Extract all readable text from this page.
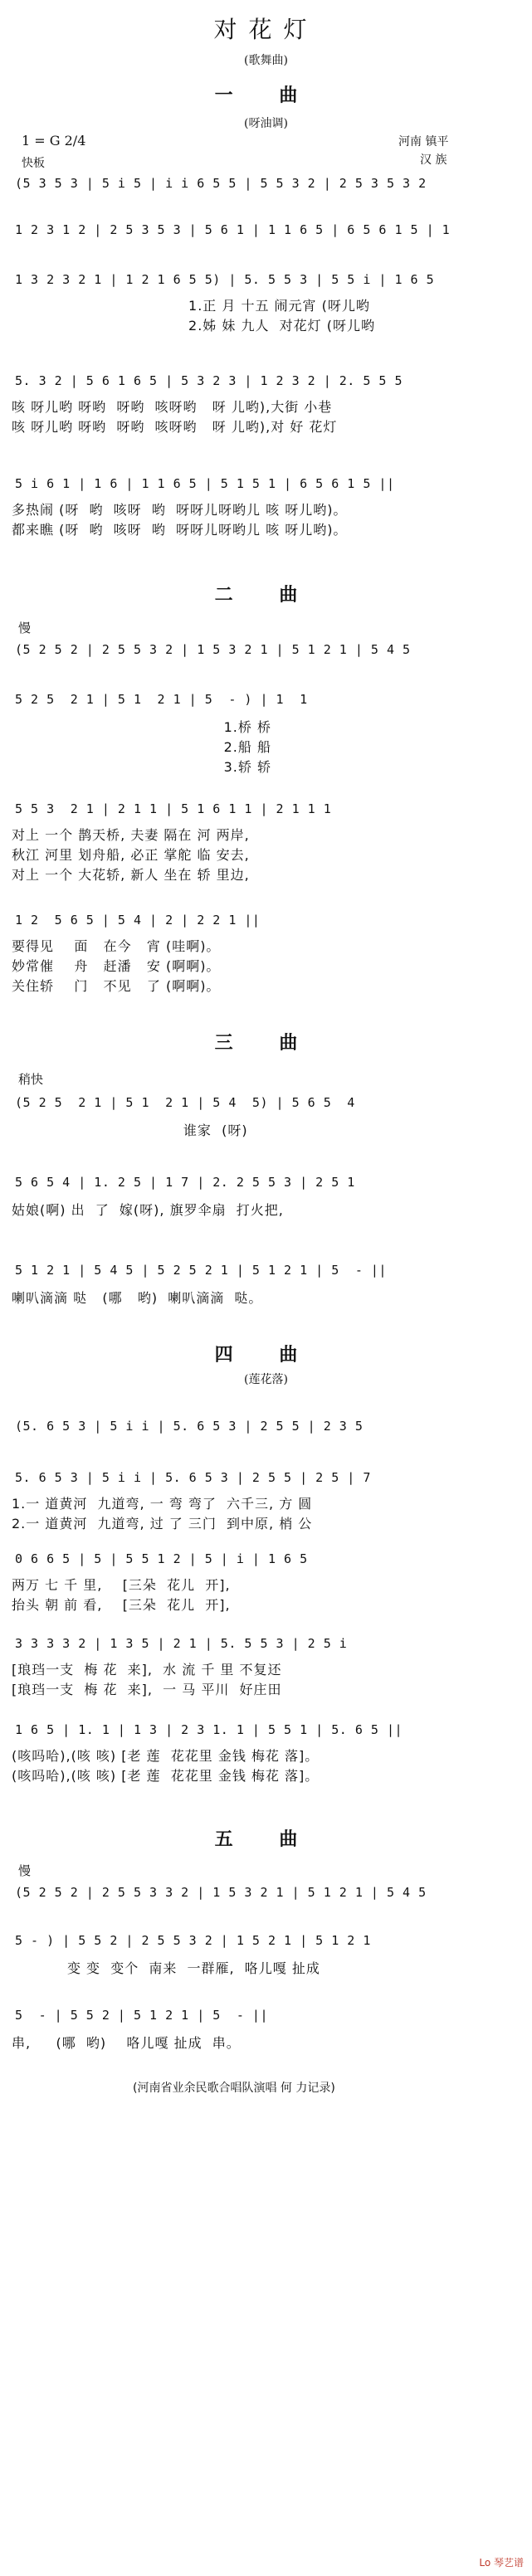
对花灯
(歌舞曲)
一 曲
(呀油调)
1 = G 2/4
快板
河南 镇平
汉 族
(5 3 5 3 | 5 i 5 | i i 6 5 5 | 5 5 3 2 | 2 5 3 5 3 2
1 2 3 1 2 | 2 5 3 5 3 | 5 6 1 | 1 1 6 5 | 6 5 6 1 5 | 1
1 3 2 3 2 1 | 1 2 1 6 5 5) | 5. 5 5 3 | 5 5 i | 1 6 5
1.正 月 十五 闹元宵 (呀儿哟
2.姊 妹 九人  对花灯 (呀儿哟
5. 3 2 | 5 6 1 6 5 | 5 3 2 3 | 1 2 3 2 | 2. 5 5 5
咳 呀儿哟 呀哟  呀哟  咳呀哟   呀 儿哟),大街 小巷
咳 呀儿哟 呀哟  呀哟  咳呀哟   呀 儿哟),对 好 花灯
5 i 6 1 | 1 6 | 1 1 6 5 | 5 1 5 1 | 6 5 6 1 5 ||
多热闹 (呀  哟  咳呀  哟  呀呀儿呀哟儿 咳 呀儿哟)。
都来瞧 (呀  哟  咳呀  哟  呀呀儿呀哟儿 咳 呀儿哟)。
二 曲
慢
(5 2 5 2 | 2 5 5 3 2 | 1 5 3 2 1 | 5 1 2 1 | 5 4 5
5 2 5  2 1 | 5 1  2 1 | 5  - ) | 1  1
1.桥 桥
2.船 船
3.轿 轿
5 5 3  2 1 | 2 1 1 | 5 1 6 1 1 | 2 1 1 1
对上 一个 鹊天桥, 夫妻 隔在 河 两岸,
秋江 河里 划舟船, 必正 掌舵 临 安去,
对上 一个 大花轿, 新人 坐在 轿 里边,
1 2  5 6 5 | 5 4 | 2 | 2 2 1 ||
要得见    面   在今   宵 (哇啊)。
妙常催    舟   赶潘   安 (啊啊)。
关住轿    门   不见   了 (啊啊)。
三 曲
稍快
(5 2 5  2 1 | 5 1  2 1 | 5 4  5) | 5 6 5  4
谁家  (呀)
5 6 5 4 | 1. 2 5 | 1 7 | 2. 2 5 5 3 | 2 5 1
姑娘(啊) 出  了  嫁(呀), 旗罗伞扇  打火把,
5 1 2 1 | 5 4 5 | 5 2 5 2 1 | 5 1 2 1 | 5  - ||
喇叭滴滴 哒   (哪   哟)  喇叭滴滴  哒。
四 曲
(莲花落)
(5. 6 5 3 | 5 i i | 5. 6 5 3 | 2 5 5 | 2 3 5
5. 6 5 3 | 5 i i | 5. 6 5 3 | 2 5 5 | 2 5 | 7
1.一 道黄河  九道弯, 一 弯 弯了  六千三, 方 圆
2.一 道黄河  九道弯, 过 了 三门  到中原, 梢 公
0 6 6 5 | 5 | 5 5 1 2 | 5 | i | 1 6 5
两万 七 千 里,    [三朵  花儿  开],
抬头 朝 前 看,    [三朵  花儿  开],
3 3 3 3 2 | 1 3 5 | 2 1 | 5. 5 5 3 | 2 5 i
[琅珰一支  梅 花  来],  水 流 千 里 不复还
[琅珰一支  梅 花  来],  一 马 平川  好庄田
1 6 5 | 1. 1 | 1 3 | 2 3 1. 1 | 5 5 1 | 5. 6 5 ||
(咳吗哈),(咳 咳) [老 莲  花花里 金钱 梅花 落]。
(咳吗哈),(咳 咳) [老 莲  花花里 金钱 梅花 落]。
五 曲
慢
(5 2 5 2 | 2 5 5 3 3 2 | 1 5 3 2 1 | 5 1 2 1 | 5 4 5
5 - ) | 5 5 2 | 2 5 5 3 2 | 1 5 2 1 | 5 1 2 1
变 变  变个  南来  一群雁,  咯儿嘎 扯成
5  - | 5 5 2 | 5 1 2 1 | 5  - ||
串,     (哪  哟)    咯儿嘎 扯成  串。
(河南省业余民歌合唱队演唱 何 力记录)
Lo 琴艺谱
